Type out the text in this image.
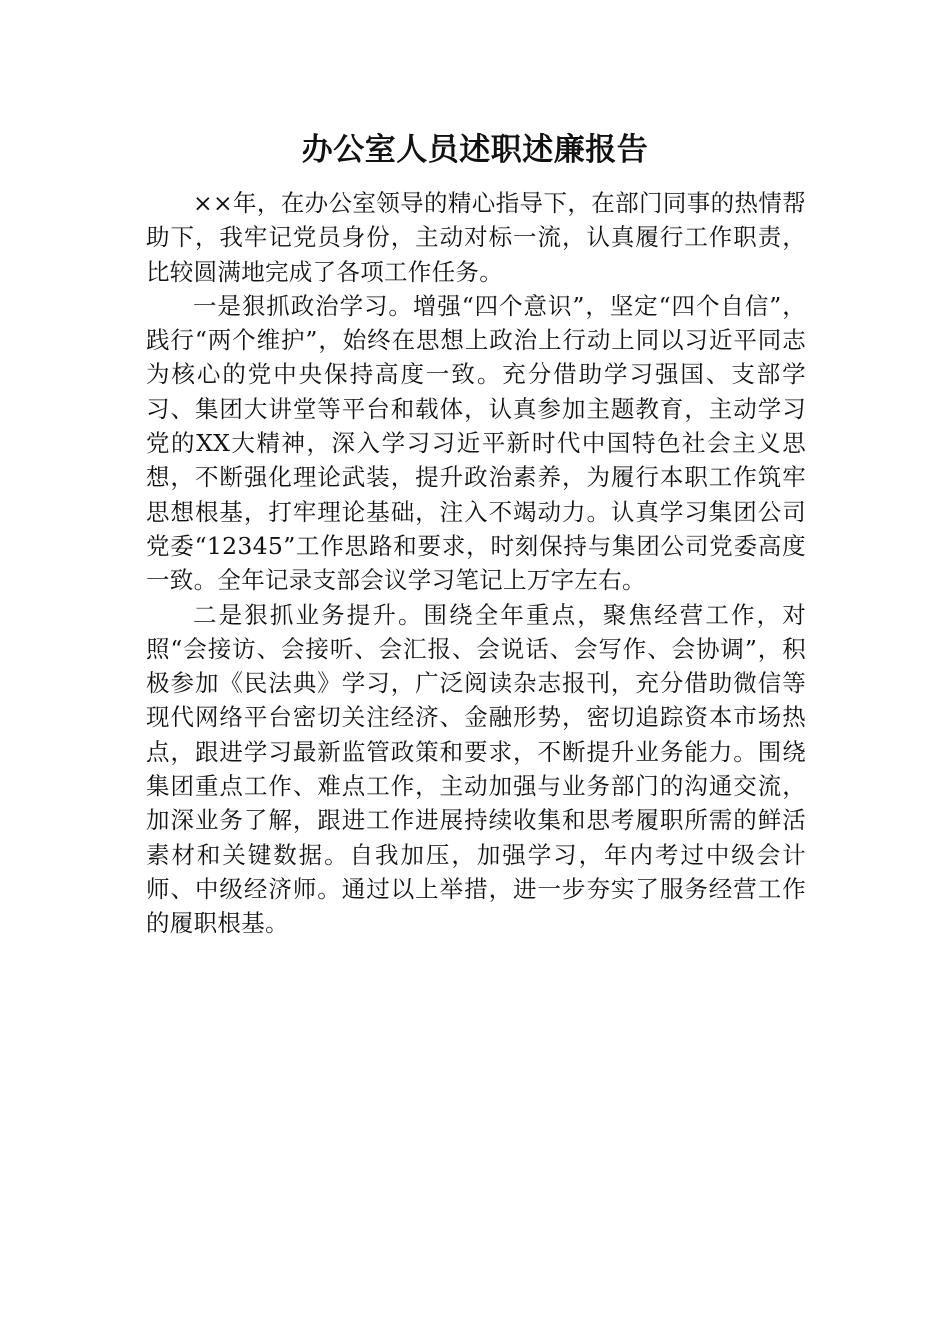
办公室人员述职述廉报告

××年，在办公室领导的精心指导下，在部门同事的热情帮助下，我牢记党员身份，主动对标一流，认真履行工作职责，比较圆满地完成了各项工作任务。

一是狠抓政治学习。增强“四个意识”，坚定“四个自信”，践行“两个维护”，始终在思想上政治上行动上同以习近平同志为核心的党中央保持高度一致。充分借助学习强国、支部学习、集团大讲堂等平台和载体，认真参加主题教育，主动学习党的XX大精神，深入学习习近平新时代中国特色社会主义思想，不断强化理论武装，提升政治素养，为履行本职工作筑牢思想根基，打牢理论基础，注入不竭动力。认真学习集团公司党委“12345”工作思路和要求，时刻保持与集团公司党委高度一致。全年记录支部会议学习笔记上万字左右。

二是狠抓业务提升。围绕全年重点，聚焦经营工作，对照“会接访、会接听、会汇报、会说话、会写作、会协调”，积极参加《民法典》学习，广泛阅读杂志报刊，充分借助微信等现代网络平台密切关注经济、金融形势，密切追踪资本市场热点，跟进学习最新监管政策和要求，不断提升业务能力。围绕集团重点工作、难点工作，主动加强与业务部门的沟通交流，加深业务了解，跟进工作进展持续收集和思考履职所需的鲜活素材和关键数据。自我加压，加强学习，年内考过中级会计师、中级经济师。通过以上举措，进一步夯实了服务经营工作的履职根基。
